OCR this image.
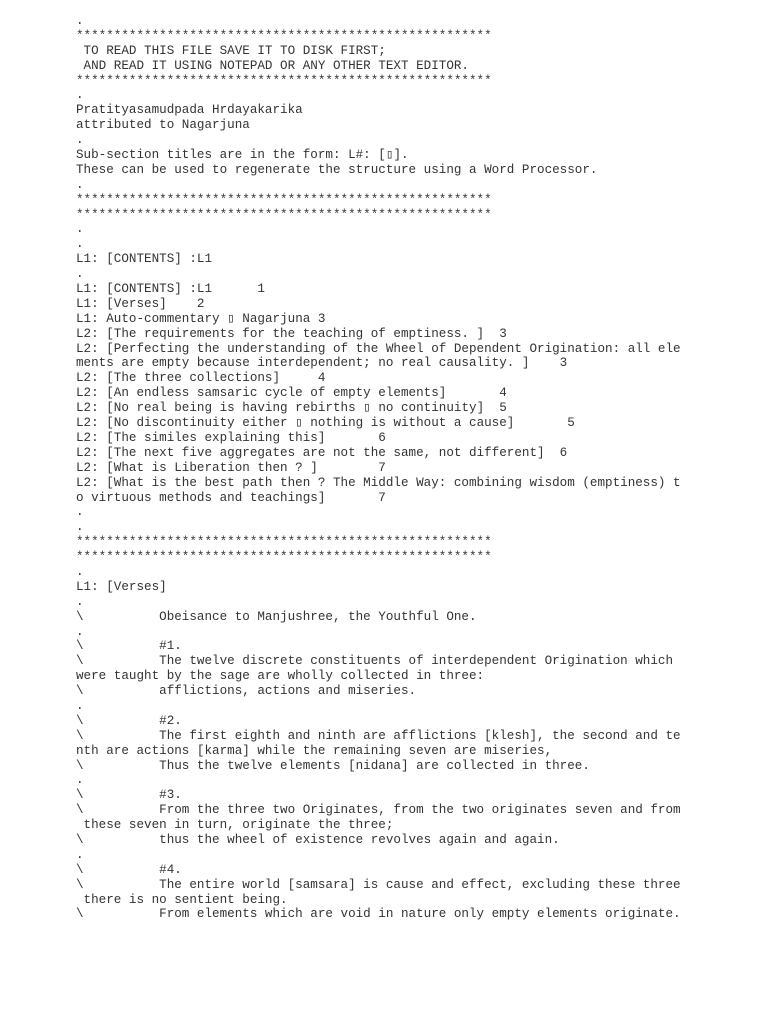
.
*******************************************************
TO READ THIS FILE SAVE IT TO DISK FIRST;
AND READ IT USING NOTEPAD OR ANY OTHER TEXT EDITOR.
*******************************************************
.
Pratityasamudpada Hrdayakarika
attributed to Nagarjuna
.
Sub-section titles are in the form: L#: [▯].
These can be used to regenerate the structure using a Word Processor.
.
*******************************************************
*******************************************************
.
.
L1: [CONTENTS] :L1
.
L1: [CONTENTS] :L1      1
L1: [Verses]    2
L1: Auto-commentary ▯ Nagarjuna 3
L2: [The requirements for the teaching of emptiness. ]  3
L2: [Perfecting the understanding of the Wheel of Dependent Origination: all ele
ments are empty because interdependent; no real causality. ]    3
L2: [The three collections]     4
L2: [An endless samsaric cycle of empty elements]       4
L2: [No real being is having rebirths ▯ no continuity]  5
L2: [No discontinuity either ▯ nothing is without a cause]       5
L2: [The similes explaining this]       6
L2: [The next five aggregates are not the same, not different]  6
L2: [What is Liberation then ? ]        7
L2: [What is the best path then ? The Middle Way: combining wisdom (emptiness) t
o virtuous methods and teachings]       7
.
.
*******************************************************
*******************************************************
.
L1: [Verses]
.
\          Obeisance to Manjushree, the Youthful One.
.
\          #1.
\          The twelve discrete constituents of interdependent Origination which
were taught by the sage are wholly collected in three:
\          afflictions, actions and miseries.
.
\          #2.
\          The first eighth and ninth are afflictions [klesh], the second and te
nth are actions [karma] while the remaining seven are miseries,
\          Thus the twelve elements [nidana] are collected in three.
.
\          #3.
\          From the three two Originates, from the two originates seven and from
these seven in turn, originate the three;
\          thus the wheel of existence revolves again and again.
.
\          #4.
\          The entire world [samsara] is cause and effect, excluding these three
there is no sentient being.
\          From elements which are void in nature only empty elements originate.
